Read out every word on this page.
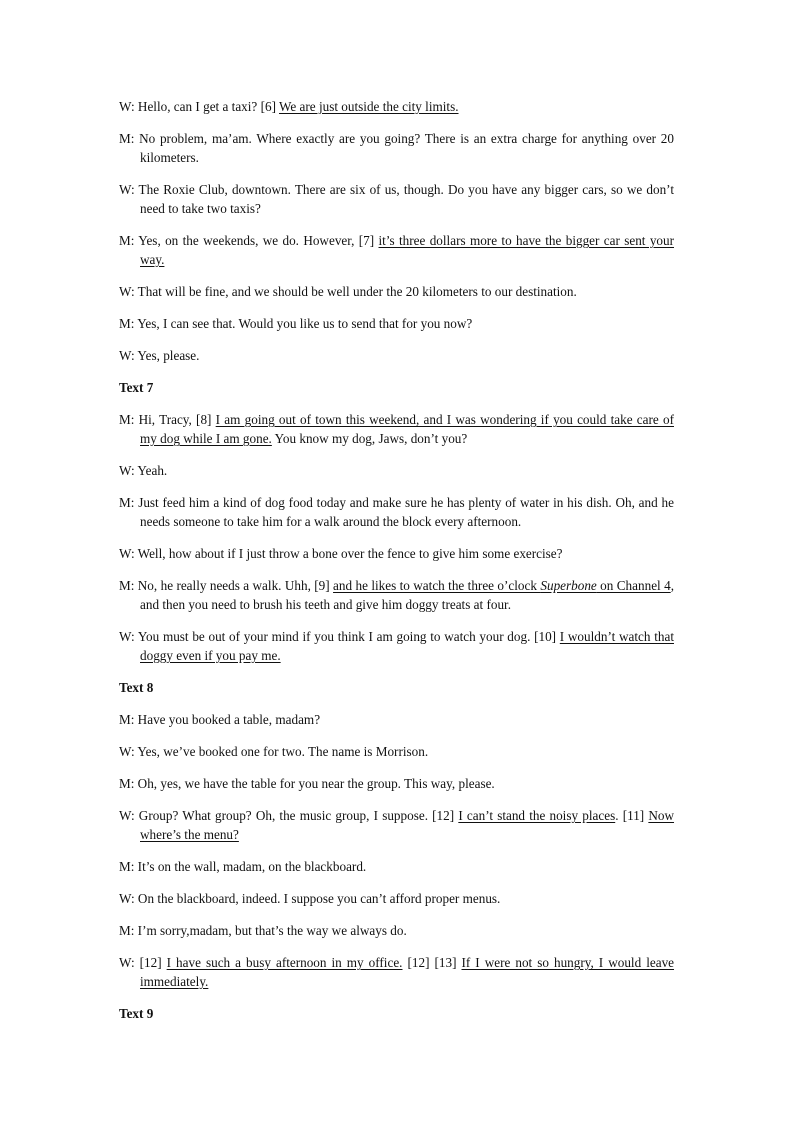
W: Hello, can I get a taxi? [6] We are just outside the city limits.

M: No problem, ma’am. Where exactly are you going? There is an extra charge for anything over 20 kilometers.

W: The Roxie Club, downtown. There are six of us, though. Do you have any bigger cars, so we don’t need to take two taxis?

M: Yes, on the weekends, we do. However, [7] it’s three dollars more to have the bigger car sent your way.

W: That will be fine, and we should be well under the 20 kilometers to our destination.

M: Yes, I can see that. Would you like us to send that for you now?

W: Yes, please.

Text 7

M: Hi, Tracy, [8] I am going out of town this weekend, and I was wondering if you could take care of my dog while I am gone. You know my dog, Jaws, don’t you?

W: Yeah.

M: Just feed him a kind of dog food today and make sure he has plenty of water in his dish. Oh, and he needs someone to take him for a walk around the block every afternoon.

W: Well, how about if I just throw a bone over the fence to give him some exercise?

M: No, he really needs a walk. Uhh, [9] and he likes to watch the three o’clock Superbone on Channel 4, and then you need to brush his teeth and give him doggy treats at four.

W: You must be out of your mind if you think I am going to watch your dog. [10] I wouldn’t watch that doggy even if you pay me.

Text 8

M: Have you booked a table, madam?

W: Yes, we’ve booked one for two. The name is Morrison.

M: Oh, yes, we have the table for you near the group. This way, please.

W: Group? What group? Oh, the music group, I suppose. [12] I can’t stand the noisy places. [11] Now where’s the menu?

M: It’s on the wall, madam, on the blackboard.

W: On the blackboard, indeed. I suppose you can’t afford proper menus.

M: I’m sorry,madam, but that’s the way we always do.

W: [12] I have such a busy afternoon in my office. [12] [13] If I were not so hungry, I would leave immediately.

Text 9
